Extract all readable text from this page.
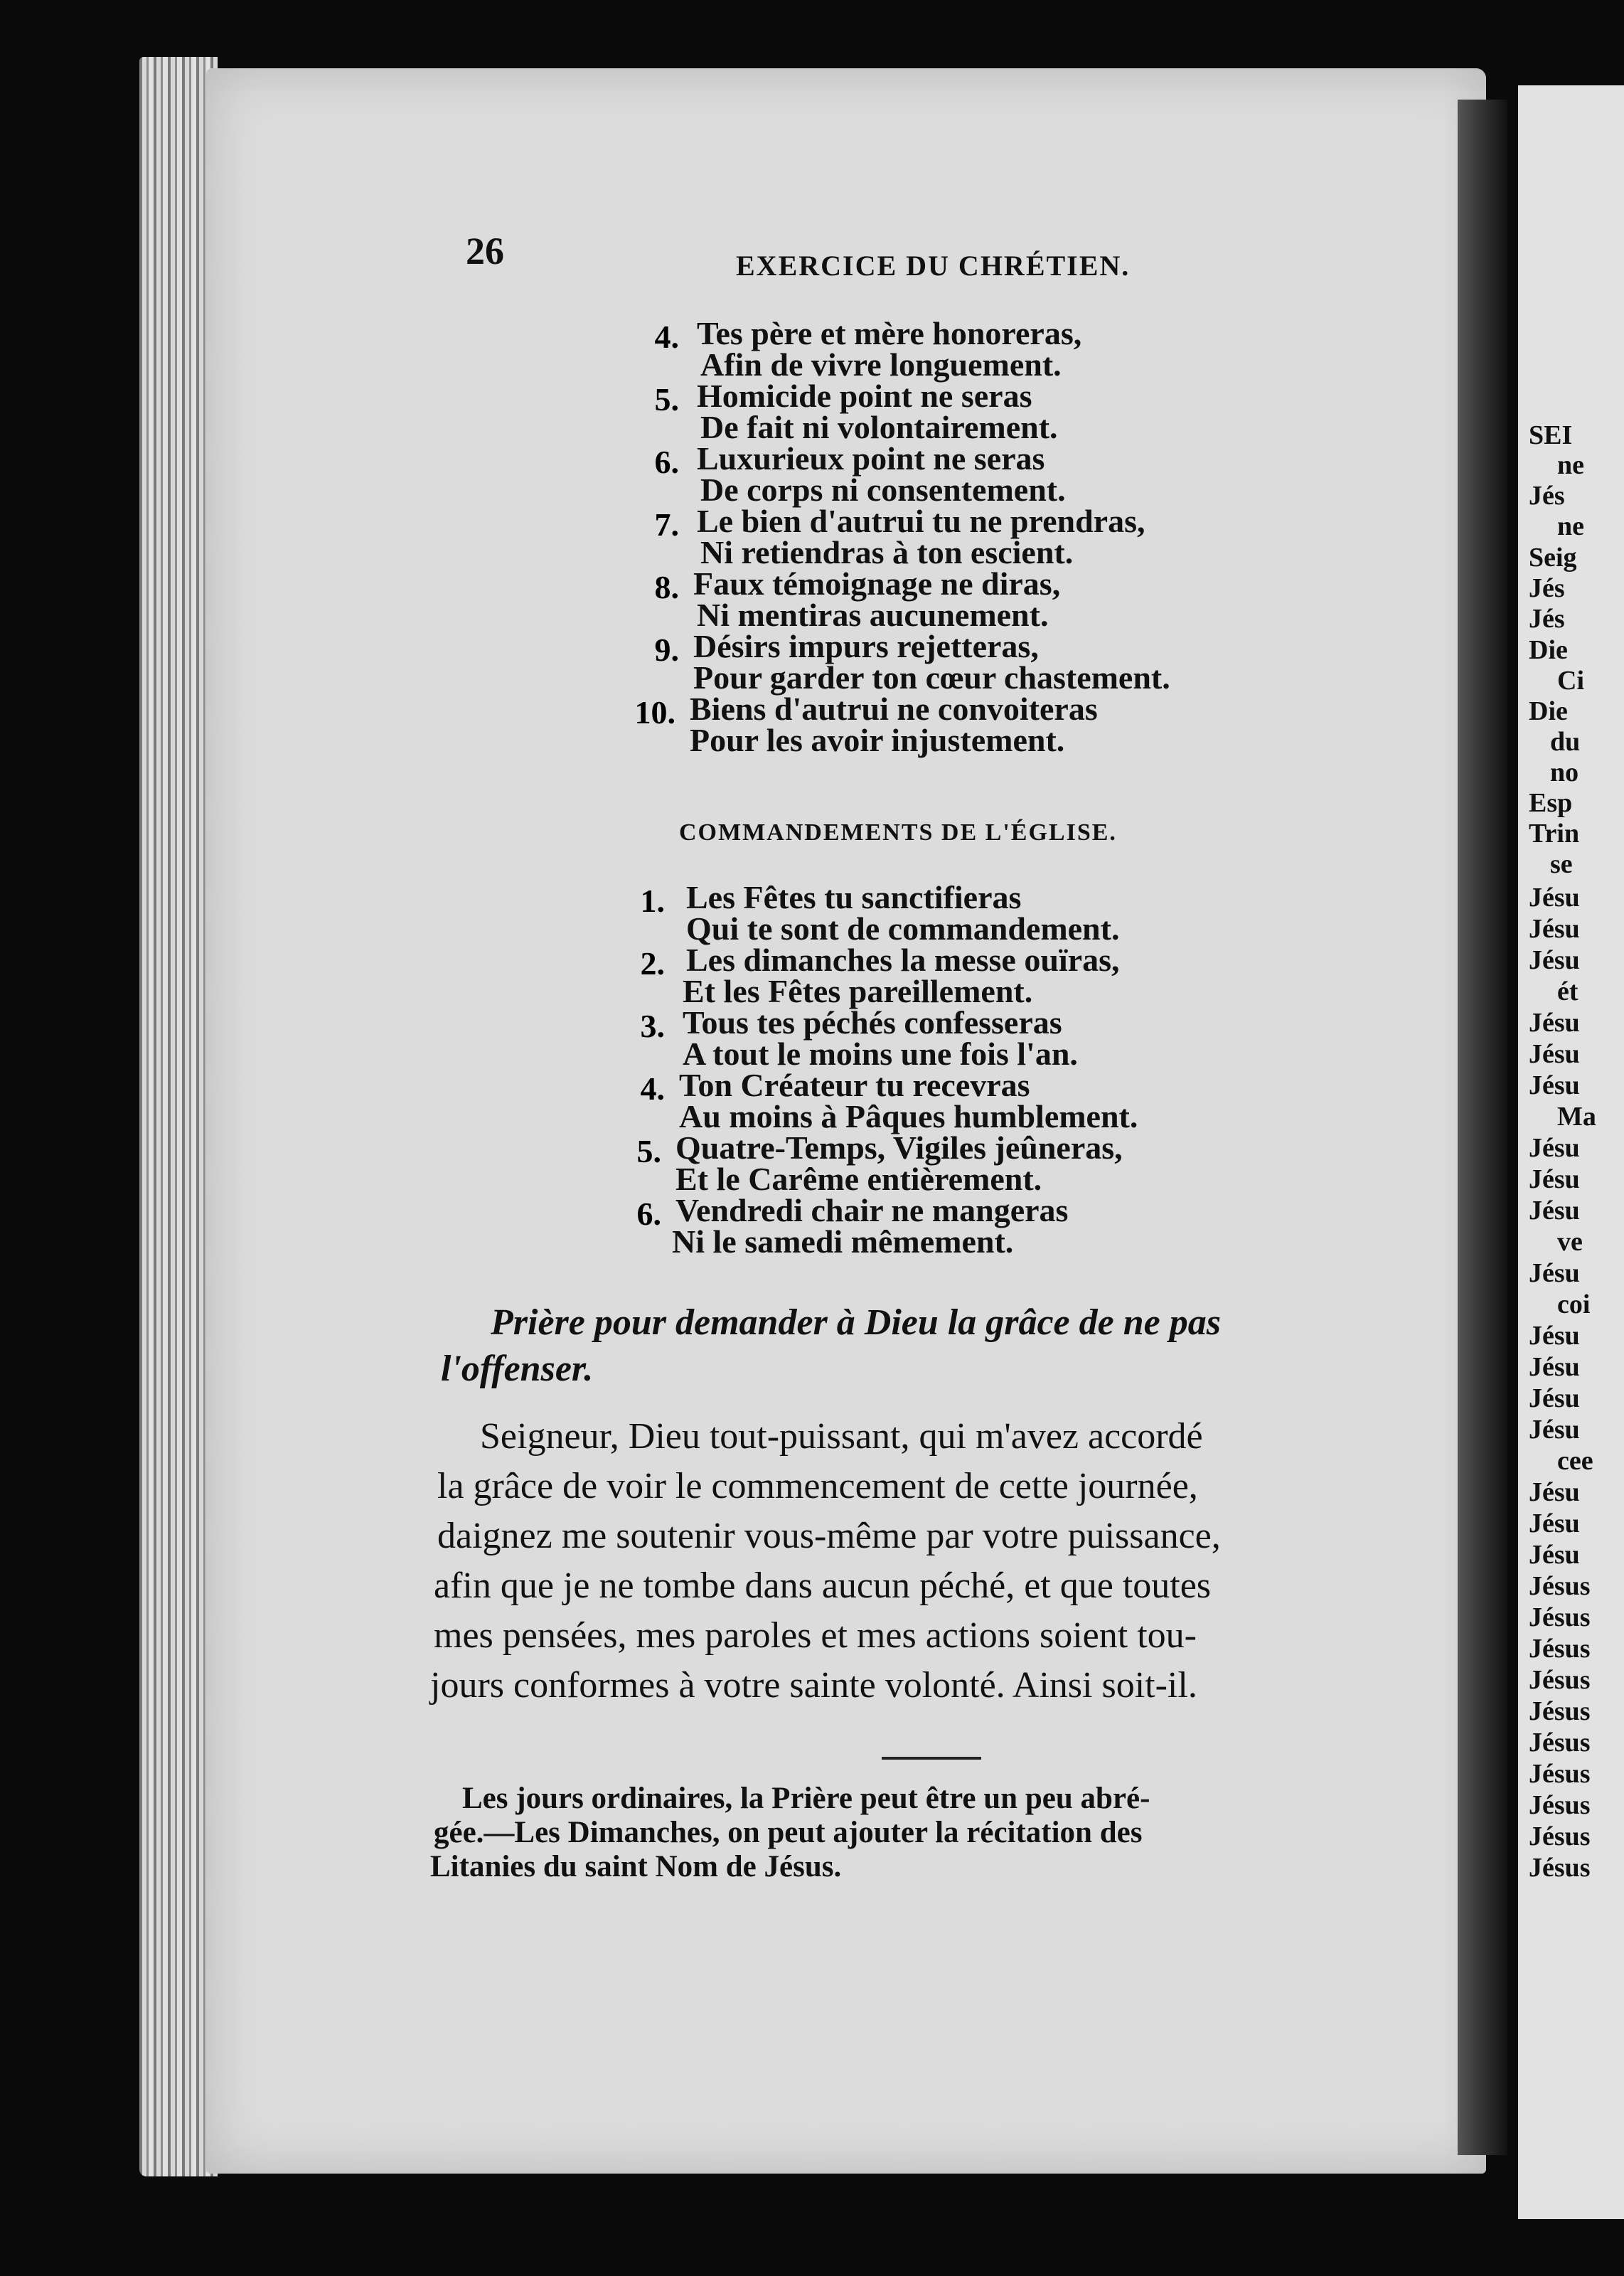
26	EXERCICE DU CHRÉTIEN.
4. Tes père et mère honoreras,
Afin de vivre longuement.
5. Homicide point ne seras
De fait ni volontairement.
6. Luxurieux point ne seras
De corps ni consentement.
7. Le bien d'autrui tu ne prendras,
Ni retiendras à ton escient.
8. Faux témoignage ne diras,
Ni mentiras aucunement.
9. Désirs impurs rejetteras,
Pour garder ton cœur chastement.
10. Biens d'autrui ne convoiteras
Pour les avoir injustement.
COMMANDEMENTS DE L'ÉGLISE.
1. Les Fêtes tu sanctifieras
Qui te sont de commandement.
2. Les dimanches la messe ouïras,
Et les Fêtes pareillement.
3. Tous tes péchés confesseras
A tout le moins une fois l'an.
4. Ton Créateur tu recevras
Au moins à Pâques humblement.
5. Quatre-Temps, Vigiles jeûneras,
Et le Carême entièrement.
6. Vendredi chair ne mangeras
Ni le samedi mêmement.
Prière pour demander à Dieu la grâce de ne pas
l'offenser.
Seigneur, Dieu tout-puissant, qui m'avez accordé
la grâce de voir le commencement de cette journée,
daignez me soutenir vous-même par votre puissance,
afin que je ne tombe dans aucun péché, et que toutes
mes pensées, mes paroles et mes actions soient tou-
jours conformes à votre sainte volonté. Ainsi soit-il.
Les jours ordinaires, la Prière peut être un peu abré-
gée.—Les Dimanches, on peut ajouter la récitation des
Litanies du saint Nom de Jésus.
SEI
ne
Jés
ne
Seig
Jés
Jés
Die
Ci
Die
du
no
Esp
Trin
se
Jésu
Jésu
Jésu
ét
Jésu
Jésu
Jésu
Ma
Jésu
Jésu
Jésu
ve
Jésu
coi
Jésu
Jésu
Jésu
Jésu
cee
Jésu
Jésu
Jésu
Jésus
Jésus
Jésus
Jésus
Jésus
Jésus
Jésus
Jésus
Jésus
Jésus
